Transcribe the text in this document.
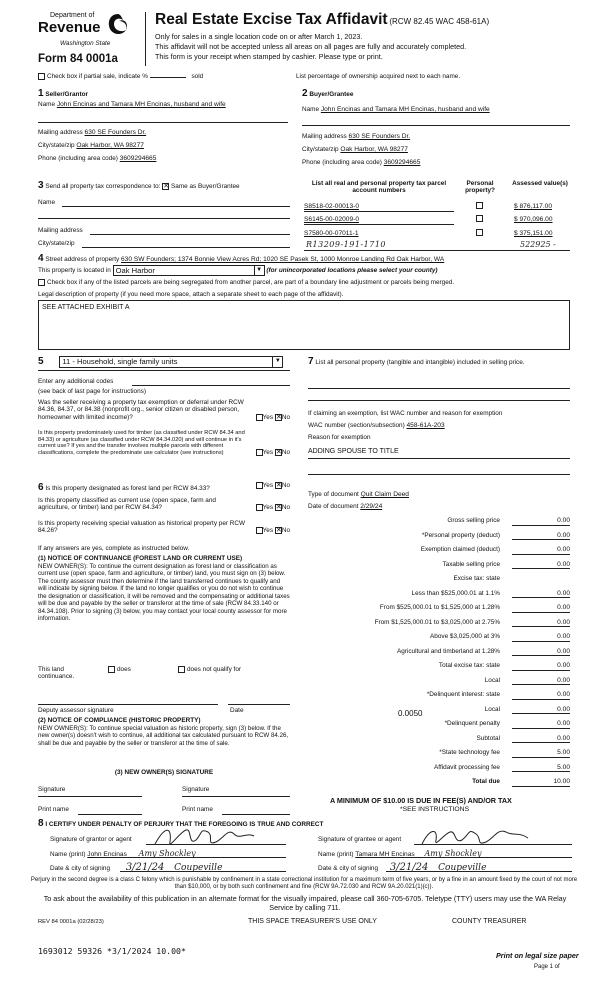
Department of
Revenue
Washington State
Form 84 0001a
Real Estate Excise Tax Affidavit (RCW 82.45 WAC 458-61A)
Only for sales in a single location code on or after March 1, 2023.
This affidavit will not be accepted unless all areas on all pages are fully and accurately completed.
This form is your receipt when stamped by cashier. Please type or print.
Check box if partial sale, indicate %	sold	List percentage of ownership acquired next to each name.
1 Seller/Grantor
Name John Encinas and Tamara MH Encinas, husband and wife
Mailing address 630 SE Founders Dr.
City/state/zip Oak Harbor, WA 98277
Phone (including area code) 3609294665
2 Buyer/Grantee
Name John Encinas and Tamara MH Encinas, husband and wife
Mailing address 630 SE Founders Dr.
City/state/zip Oak Harbor, WA 98277
Phone (including area code) 3609294665
3 Send all property tax correspondence to: ✕ Same as Buyer/Grantee
Name
Mailing address
City/state/zip
List all real and personal property tax parcel account numbers
Personal property?
Assessed value(s)
S8518-02-00013-0	$ 876,117.00
S6145-00-02009-0	$ 970,096.00
S7580-00-07011-1	$ 375,151.00
R13209-191-1710	522925 -
4 Street address of property 630 SW Founders; 1374 Bonnie View Acres Rd; 1020 SE Pasek St, 1000 Monroe Landing Rd Oak Harbor, WA
This property is located in Oak Harbor	▼ (for unincorporated locations please select your county)
Check box if any of the listed parcels are being segregated from another parcel, are part of a boundary line adjustment or parcels being merged.
Legal description of property (if you need more space, attach a separate sheet to each page of the affidavit).
SEE ATTACHED EXHIBIT A
5 11 - Household, single family units	▼
Enter any additional codes
(see back of last page for instructions)
Was the seller receiving a property tax exemption or deferral under RCW 84.36, 84.37, or 84.38 (nonprofit org., senior citizen or disabled person, homeowner with limited income)?	Yes ✕ No
Is this property predominately used for timber (as classified under RCW 84.34 and 84.33) or agriculture (as classified under RCW 84.34.020) and will continue in it's current use? If yes and the transfer involves multiple parcels with different classifications, complete the predominate use calculator (see instructions)	Yes ✕ No
6 Is this property designated as forest land per RCW 84.33?	Yes ✕ No
Is this property classified as current use (open space, farm and agriculture, or timber) land per RCW 84.34?	Yes ✕ No
Is this property receiving special valuation as historical property per RCW 84.26?	Yes ✕ No
If any answers are yes, complete as instructed below.
(1) NOTICE OF CONTINUANCE (FOREST LAND OR CURRENT USE)
NEW OWNER(S): To continue the current designation as forest land or classification as current use (open space, farm and agriculture, or timber) land, you must sign on (3) below. The county assessor must then determine if the land transferred continues to qualify and will indicate by signing below. If the land no longer qualifies or you do not wish to continue the designation or classification, it will be removed and the compensating or additional taxes will be due and payable by the seller or transferor at the time of sale (RCW 84.33.140 or 84.34.108). Prior to signing (3) below, you may contact your local county assessor for more information.
This land	does	does not qualify for
continuance.
Deputy assessor signature	Date
(2) NOTICE OF COMPLIANCE (HISTORIC PROPERTY)
NEW OWNER(S): To continue special valuation as historic property, sign (3) below. If the new owner(s) doesn't wish to continue, all additional tax calculated pursuant to RCW 84.26, shall be due and payable by the seller or transferor at the time of sale.
(3) NEW OWNER(S) SIGNATURE
Signature	Signature
Print name	Print name
7 List all personal property (tangible and intangible) included in selling price.
If claiming an exemption, list WAC number and reason for exemption
WAC number (section/subsection) 458-61A-203
Reason for exemption
ADDING SPOUSE TO TITLE
Type of document Quit Claim Deed
Date of document 2/29/24
Gross selling price	0.00
*Personal property (deduct)	0.00
Exemption claimed (deduct)	0.00
Taxable selling price	0.00
Excise tax: state
Less than $525,000.01 at 1.1%	0.00
From $525,000.01 to $1,525,000 at 1.28%	0.00
From $1,525,000.01 to $3,025,000 at 2.75%	0.00
Above $3,025,000 at 3%	0.00
Agricultural and timberland at 1.28%	0.00
Total excise tax: state	0.00
Local	0.00
*Delinquent interest: state	0.00
Local	0.00
*Delinquent penalty	0.00
Subtotal	0.00
*State technology fee	5.00
Affidavit processing fee	5.00
Total due	10.00
0.0050
A MINIMUM OF $10.00 IS DUE IN FEE(S) AND/OR TAX
*SEE INSTRUCTIONS
8 I CERTIFY UNDER PENALTY OF PERJURY THAT THE FOREGOING IS TRUE AND CORRECT
Signature of grantor or agent
Name (print) John Encinas Amy Shockley
Date & city of signing 3/21/24 Coupeville
Signature of grantee or agent
Name (print) Tamara MH Encinas Amy Shockley
Date & city of signing 3/21/24 Coupeville
Perjury in the second degree is a class C felony which is punishable by confinement in a state correctional institution for a maximum term of five years, or by a fine in an amount fixed by the court of not more than $10,000, or by both such confinement and fine (RCW 9A.72.030 and RCW 9A.20.021(1)(c)).
To ask about the availability of this publication in an alternate format for the visually impaired, please call 360-705-6705. Teletype (TTY) users may use the WA Relay Service by calling 711.
REV 84 0001a (02/28/23)	THIS SPACE TREASURER'S USE ONLY	COUNTY TREASURER
1693012 59326 *3/1/2024 10.00*	Print on legal size paper
Page 1 of
